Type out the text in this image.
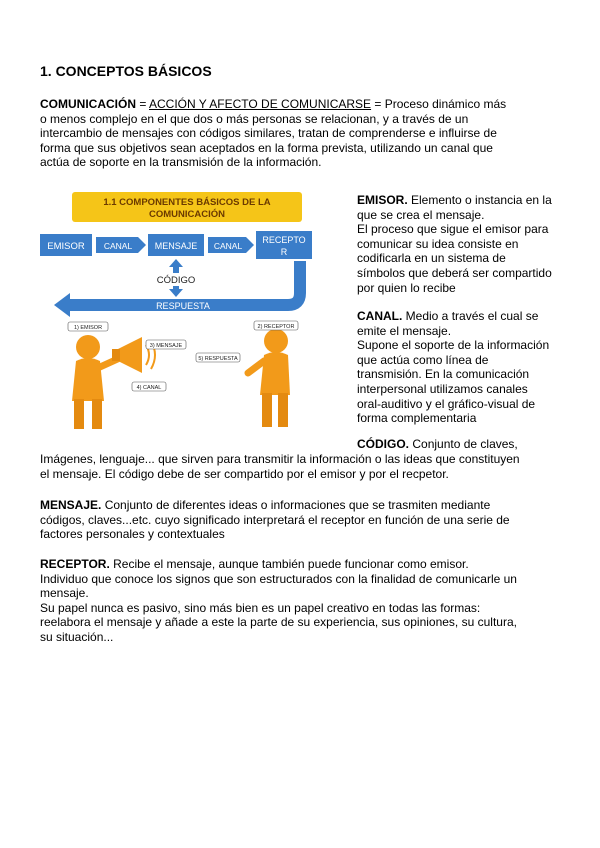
1. CONCEPTOS BÁSICOS
COMUNICACIÓN = ACCIÓN Y AFECTO DE COMUNICARSE = Proceso dinámico más
o menos complejo en el que dos o más personas se relacionan, y a través de un
intercambio de mensajes con códigos similares, tratan de comprenderse e influirse de
forma que sus objetivos sean aceptados en la forma prevista, utilizando un canal que
actúa de soporte en la transmisión de la información.
1.1 COMPONENTES BÁSICOS DE LA
COMUNICACIÓN
EMISOR CANAL	MENSAJE CANAL
RECEPTO
R
CÓDIGO
RESPUESTA
1) EMISOR
3) MENSAJE
4) CANAL
2) RECEPTOR
5) RESPUESTA
EMISOR. Elemento o instancia en la
que se crea el mensaje.
El proceso que sigue el emisor para
comunicar su idea consiste en
codificarla en un sistema de
símbolos que deberá ser compartido
por quien lo recibe
CANAL. Medio a través el cual se
emite el mensaje.
Supone el soporte de la información
que actúa como línea de
transmisión. En la comunicación
interpersonal utilizamos canales
oral-auditivo y el gráfico-visual de
forma complementaria
CÓDIGO. Conjunto de claves,
Imágenes, lenguaje... que sirven para transmitir la información o las ideas que constituyen
el mensaje. El código debe de ser compartido por el emisor y por el recpetor.
MENSAJE. Conjunto de diferentes ideas o informaciones que se trasmiten mediante
códigos, claves...etc. cuyo significado interpretará el receptor en función de una serie de
factores personales y contextuales
RECEPTOR. Recibe el mensaje, aunque también puede funcionar como emisor.
Individuo que conoce los signos que son estructurados con la finalidad de comunicarle un
mensaje.
Su papel nunca es pasivo, sino más bien es un papel creativo en todas las formas:
reelabora el mensaje y añade a este la parte de su experiencia, sus opiniones, su cultura,
su situación...
